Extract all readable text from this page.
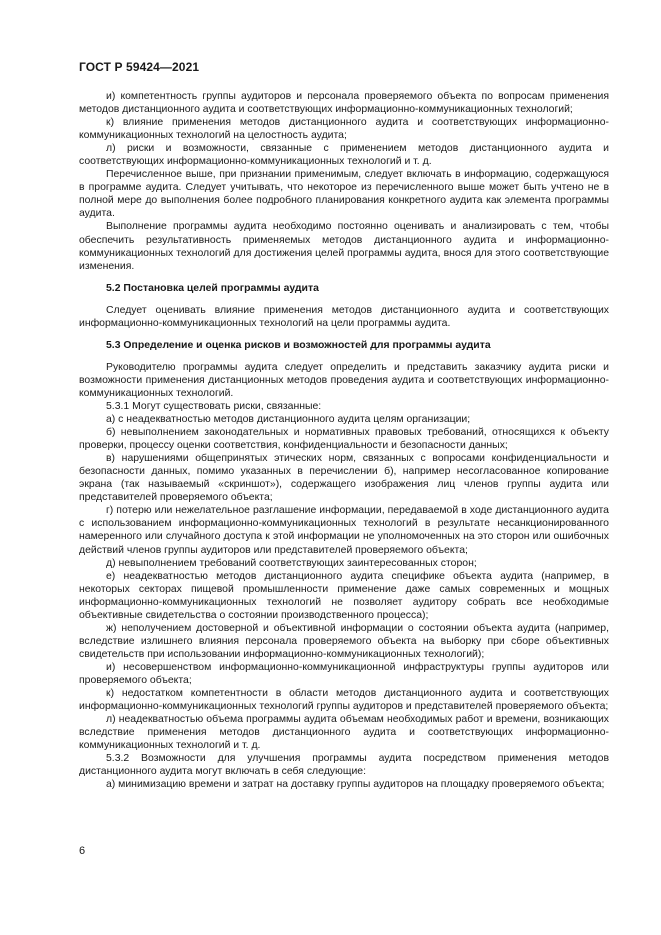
ГОСТ Р 59424—2021

и) компетентность группы аудиторов и персонала проверяемого объекта по вопросам применения методов дистанционного аудита и соответствующих информационно-коммуникационных технологий;

к) влияние применения методов дистанционного аудита и соответствующих информационно-коммуникационных технологий на целостность аудита;

л) риски и возможности, связанные с применением методов дистанционного аудита и соответствующих информационно-коммуникационных технологий и т. д.

Перечисленное выше, при признании применимым, следует включать в информацию, содержащуюся в программе аудита. Следует учитывать, что некоторое из перечисленного выше может быть учтено не в полной мере до выполнения более подробного планирования конкретного аудита как элемента программы аудита.

Выполнение программы аудита необходимо постоянно оценивать и анализировать с тем, чтобы обеспечить результативность применяемых методов дистанционного аудита и информационно-коммуникационных технологий для достижения целей программы аудита, внося для этого соответствующие изменения.

5.2 Постановка целей программы аудита

Следует оценивать влияние применения методов дистанционного аудита и соответствующих информационно-коммуникационных технологий на цели программы аудита.

5.3 Определение и оценка рисков и возможностей для программы аудита

Руководителю программы аудита следует определить и представить заказчику аудита риски и возможности применения дистанционных методов проведения аудита и соответствующих информационно-коммуникационных технологий.

5.3.1 Могут существовать риски, связанные:

а) с неадекватностью методов дистанционного аудита целям организации;

б) невыполнением законодательных и нормативных правовых требований, относящихся к объекту проверки, процессу оценки соответствия, конфиденциальности и безопасности данных;

в) нарушениями общепринятых этических норм, связанных с вопросами конфиденциальности и безопасности данных, помимо указанных в перечислении б), например несогласованное копирование экрана (так называемый «скриншот»), содержащего изображения лиц членов группы аудита или представителей проверяемого объекта;

г) потерю или нежелательное разглашение информации, передаваемой в ходе дистанционного аудита с использованием информационно-коммуникационных технологий в результате несанкционированного намеренного или случайного доступа к этой информации не уполномоченных на это сторон или ошибочных действий членов группы аудиторов или представителей проверяемого объекта;

д) невыполнением требований соответствующих заинтересованных сторон;

е) неадекватностью методов дистанционного аудита специфике объекта аудита (например, в некоторых секторах пищевой промышленности применение даже самых современных и мощных информационно-коммуникационных технологий не позволяет аудитору собрать все необходимые объективные свидетельства о состоянии производственного процесса);

ж) неполучением достоверной и объективной информации о состоянии объекта аудита (например, вследствие излишнего влияния персонала проверяемого объекта на выборку при сборе объективных свидетельств при использовании информационно-коммуникационных технологий);

и) несовершенством информационно-коммуникационной инфраструктуры группы аудиторов или проверяемого объекта;

к) недостатком компетентности в области методов дистанционного аудита и соответствующих информационно-коммуникационных технологий группы аудиторов и представителей проверяемого объекта;

л) неадекватностью объема программы аудита объемам необходимых работ и времени, возникающих вследствие применения методов дистанционного аудита и соответствующих информационно-коммуникационных технологий и т. д.

5.3.2 Возможности для улучшения программы аудита посредством применения методов дистанционного аудита могут включать в себя следующие:

а) минимизацию времени и затрат на доставку группы аудиторов на площадку проверяемого объекта;

6
